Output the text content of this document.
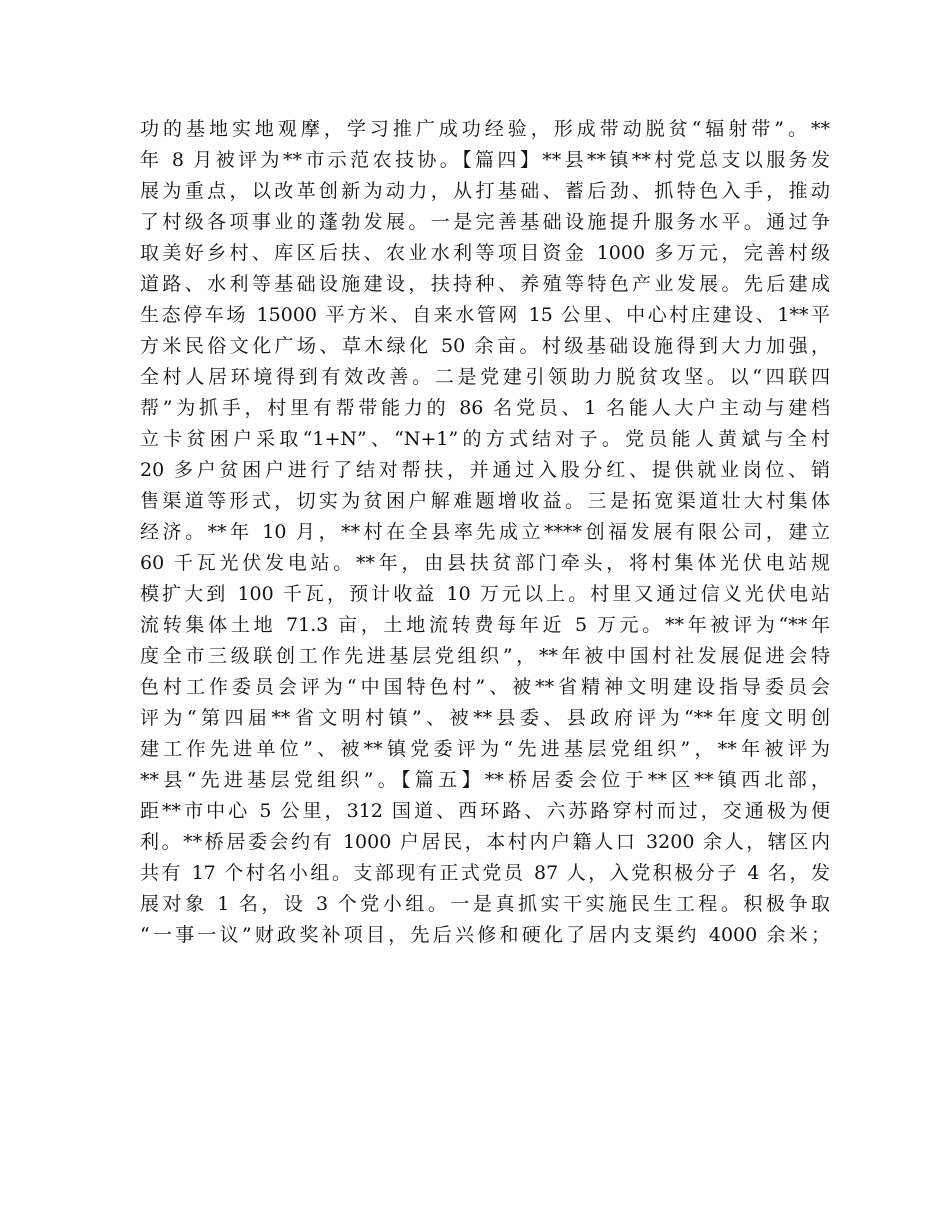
功的基地实地观摩，学习推广成功经验，形成带动脱贫“辐射带”。**
年 8 月被评为**市示范农技协。【篇四】**县**镇**村党总支以服务发
展为重点，以改革创新为动力，从打基础、蓄后劲、抓特色入手，推动
了村级各项事业的蓬勃发展。一是完善基础设施提升服务水平。通过争
取美好乡村、库区后扶、农业水利等项目资金 1000 多万元，完善村级
道路、水利等基础设施建设，扶持种、养殖等特色产业发展。先后建成
生态停车场 15000 平方米、自来水管网 15 公里、中心村庄建设、1**平
方米民俗文化广场、草木绿化 50 余亩。村级基础设施得到大力加强，
全村人居环境得到有效改善。二是党建引领助力脱贫攻坚。以“四联四
帮”为抓手，村里有帮带能力的 86 名党员、1 名能人大户主动与建档
立卡贫困户采取“1+N”、“N+1”的方式结对子。党员能人黄斌与全村
20 多户贫困户进行了结对帮扶，并通过入股分红、提供就业岗位、销
售渠道等形式，切实为贫困户解难题增收益。三是拓宽渠道壮大村集体
经济。**年 10 月，**村在全县率先成立****创福发展有限公司，建立
60 千瓦光伏发电站。**年，由县扶贫部门牵头，将村集体光伏电站规
模扩大到 100 千瓦，预计收益 10 万元以上。村里又通过信义光伏电站
流转集体土地 71.3 亩，土地流转费每年近 5 万元。**年被评为“**年
度全市三级联创工作先进基层党组织”，**年被中国村社发展促进会特
色村工作委员会评为“中国特色村”、被**省精神文明建设指导委员会
评为“第四届**省文明村镇”、被**县委、县政府评为“**年度文明创
建工作先进单位”、被**镇党委评为“先进基层党组织”，**年被评为
**县“先进基层党组织”。【篇五】**桥居委会位于**区**镇西北部，
距**市中心 5 公里，312 国道、西环路、六苏路穿村而过，交通极为便
利。**桥居委会约有 1000 户居民，本村内户籍人口 3200 余人，辖区内
共有 17 个村名小组。支部现有正式党员 87 人，入党积极分子 4 名，发
展对象 1 名，设 3 个党小组。一是真抓实干实施民生工程。积极争取
“一事一议”财政奖补项目，先后兴修和硬化了居内支渠约 4000 余米；
